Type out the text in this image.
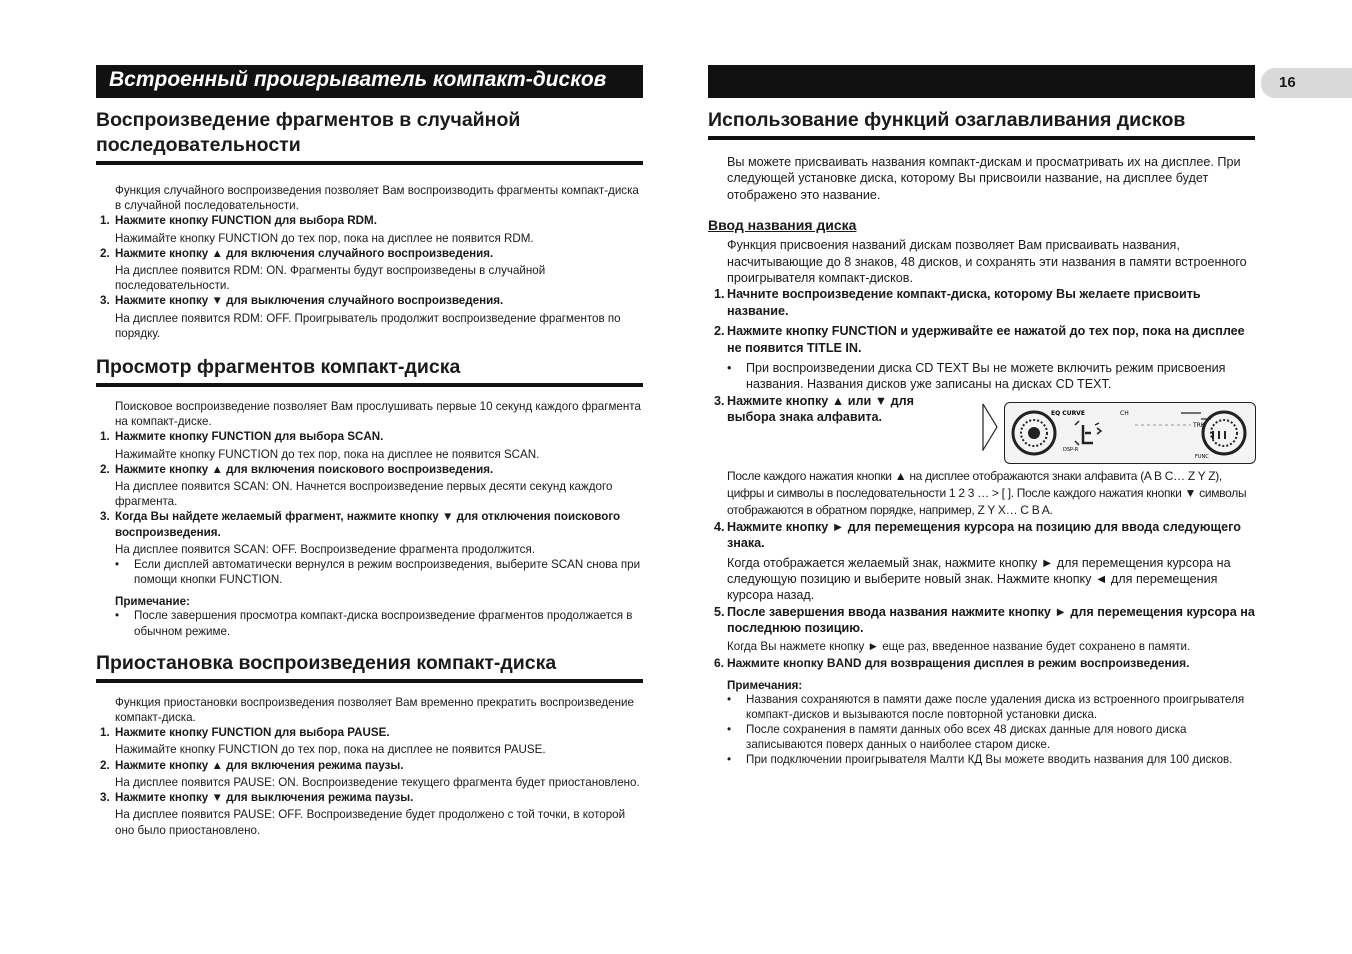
Встроенный проигрыватель компакт-дисков	16
Воспроизведение фрагментов в случайной последовательности

Функция случайного воспроизведения позволяет Вам воспроизводить фрагменты компакт-диска в случайной последовательности.

1. Нажмите кнопку FUNCTION для выбора RDM.

Нажимайте кнопку FUNCTION до тех пор, пока на дисплее не появится RDM.

2. Нажмите кнопку ▲ для включения случайного воспроизведения.

На дисплее появится RDM: ON. Фрагменты будут воспроизведены в случайной последовательности.

3. Нажмите кнопку ▼ для выключения случайного воспроизведения.

На дисплее появится RDM: OFF. Проигрыватель продолжит воспроизведение фрагментов по порядку.

Просмотр фрагментов компакт-диска

Поисковое воспроизведение позволяет Вам прослушивать первые 10 секунд каждого фрагмента на компакт-диске.

1. Нажмите кнопку FUNCTION для выбора SCAN.

Нажимайте кнопку FUNCTION до тех пор, пока на дисплее не появится SCAN.

2. Нажмите кнопку ▲ для включения поискового воспроизведения.

На дисплее появится SCAN: ON. Начнется воспроизведение первых десяти секунд каждого фрагмента.

3. Когда Вы найдете желаемый фрагмент, нажмите кнопку ▼ для отключения поискового воспроизведения.

На дисплее появится SCAN: OFF. Воспроизведение фрагмента продолжится.

•	Если дисплей автоматически вернулся в режим воспроизведения, выберите SCAN снова при помощи кнопки FUNCTION.

Примечание:

•	После завершения просмотра компакт-диска воспроизведение фрагментов продолжается в обычном режиме.
Приостановка воспроизведения компакт-диска

Функция приостановки воспроизведения позволяет Вам временно прекратить воспроизведение компакт-диска.

1. Нажмите кнопку FUNCTION для выбора PAUSE.

Нажимайте кнопку FUNCTION до тех пор, пока на дисплее не появится PAUSE.

2. Нажмите кнопку ▲ для включения режима паузы.

На дисплее появится PAUSE: ON. Воспроизведение текущего фрагмента будет приостановлено.

3. Нажмите кнопку ▼ для выключения режима паузы.

На дисплее появится PAUSE: OFF. Воспроизведение будет продолжено с той точки, в которой оно было приостановлено.

Использование функций озаглавливания дисков

Вы можете присваивать названия компакт-дискам и просматривать их на дисплее. При следующей установке диска, которому Вы присвоили название, на дисплее будет отображено это название.

Ввод названия диска

Функция присвоения названий дискам позволяет Вам присваивать названия, насчитывающие до 8 знаков, 48 дисков, и сохранять эти названия в памяти встроенного проигрывателя компакт-дисков.

1. Начните воспроизведение компакт-диска, которому Вы желаете присвоить название.
2. Нажмите кнопку FUNCTION и удерживайте ее нажатой до тех пор, пока на дисплее не появится TITLE IN.
•	При воспроизведении диска CD TEXT Вы не можете включить режим присвоения названия. Названия дисков уже записаны на дисках CD TEXT.
3. Нажмите кнопку ▲ или ▼ для выбора знака алфавита.

После каждого нажатия кнопки ▲ на дисплее отображаются знаки алфавита (A B C… Z Y Z), цифры и символы в последовательности 1 2 3 … > [ ]. После каждого нажатия кнопки ▼ символы отображаются в обратном порядке, например, Z Y X… C B A.

4. Нажмите кнопку ► для перемещения курсора на позицию для ввода следующего знака.

Когда отображается желаемый знак, нажмите кнопку ► для перемещения курсора на следующую позицию и выберите новый знак. Нажмите кнопку ◄ для перемещения курсора назад.

5. После завершения ввода названия нажмите кнопку ► для перемещения курсора на последнюю позицию.

Когда Вы нажмете кнопку ► еще раз, введенное название будет сохранено в памяти.

6. Нажмите кнопку BAND для возвращения дисплея в режим воспроизведения.

Примечания:

•	Названия сохраняются в памяти даже после удаления диска из встроенного проигрывателя компакт-дисков и вызываются после повторной установки диска.
•	После сохранения в памяти данных обо всех 48 дисках данные для нового диска записываются поверх данных о наиболее старом диске.
•	При подключении проигрывателя Малти КД Вы можете вводить названия для 100 дисков.
EQ CURVE	CH
DSP-R
TRK
FUNC
